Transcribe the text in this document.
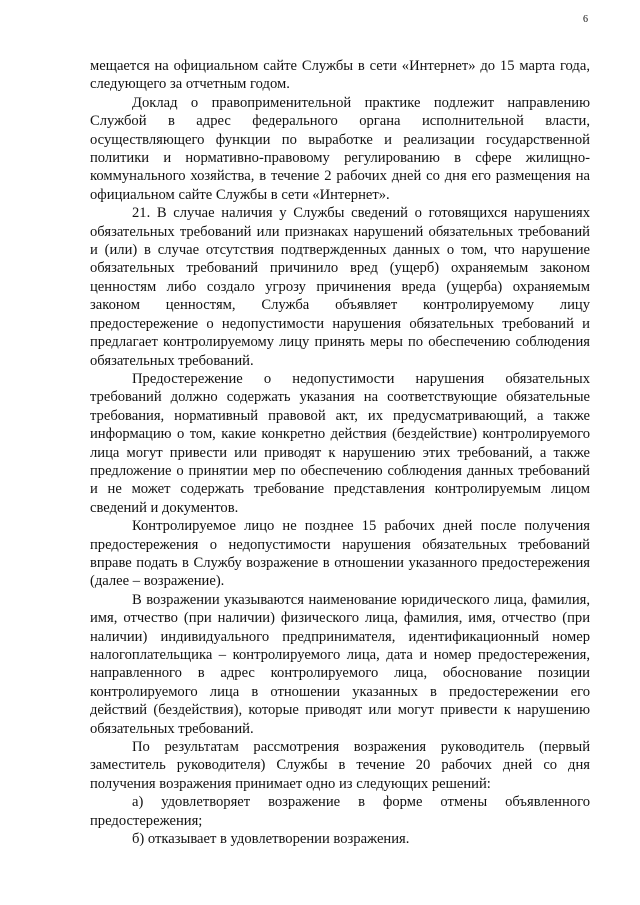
6

мещается на официальном сайте Службы в сети «Интернет» до 15 марта года, следующего за отчетным годом.

Доклад о правоприменительной практике подлежит направлению Службой в адрес федерального органа исполнительной власти, осуществляющего функции по выработке и реализации государственной политики и нормативно-правовому регулированию в сфере жилищно-коммунального хозяйства, в течение 2 рабочих дней со дня его размещения на официальном сайте Службы в сети «Интернет».

21. В случае наличия у Службы сведений о готовящихся нарушениях обязательных требований или признаках нарушений обязательных требований и (или) в случае отсутствия подтвержденных данных о том, что нарушение обязательных требований причинило вред (ущерб) охраняемым законом ценностям либо создало угрозу причинения вреда (ущерба) охраняемым законом ценностям, Служба объявляет контролируемому лицу предостережение о недопустимости нарушения обязательных требований и предлагает контролируемому лицу принять меры по обеспечению соблюдения обязательных требований.

Предостережение о недопустимости нарушения обязательных требований должно содержать указания на соответствующие обязательные требования, нормативный правовой акт, их предусматривающий, а также информацию о том, какие конкретно действия (бездействие) контролируемого лица могут привести или приводят к нарушению этих требований, а также предложение о принятии мер по обеспечению соблюдения данных требований и не может содержать требование представления контролируемым лицом сведений и документов.

Контролируемое лицо не позднее 15 рабочих дней после получения предостережения о недопустимости нарушения обязательных требований вправе подать в Службу возражение в отношении указанного предостережения (далее – возражение).

В возражении указываются наименование юридического лица, фамилия, имя, отчество (при наличии) физического лица, фамилия, имя, отчество (при наличии) индивидуального предпринимателя, идентификационный номер налогоплательщика – контролируемого лица, дата и номер предостережения, направленного в адрес контролируемого лица, обоснование позиции контролируемого лица в отношении указанных в предостережении его действий (бездействия), которые приводят или могут привести к нарушению обязательных требований.

По результатам рассмотрения возражения руководитель (первый заместитель руководителя) Службы в течение 20 рабочих дней со дня получения возражения принимает одно из следующих решений:

а) удовлетворяет возражение в форме отмены объявленного предостережения;

б) отказывает в удовлетворении возражения.
